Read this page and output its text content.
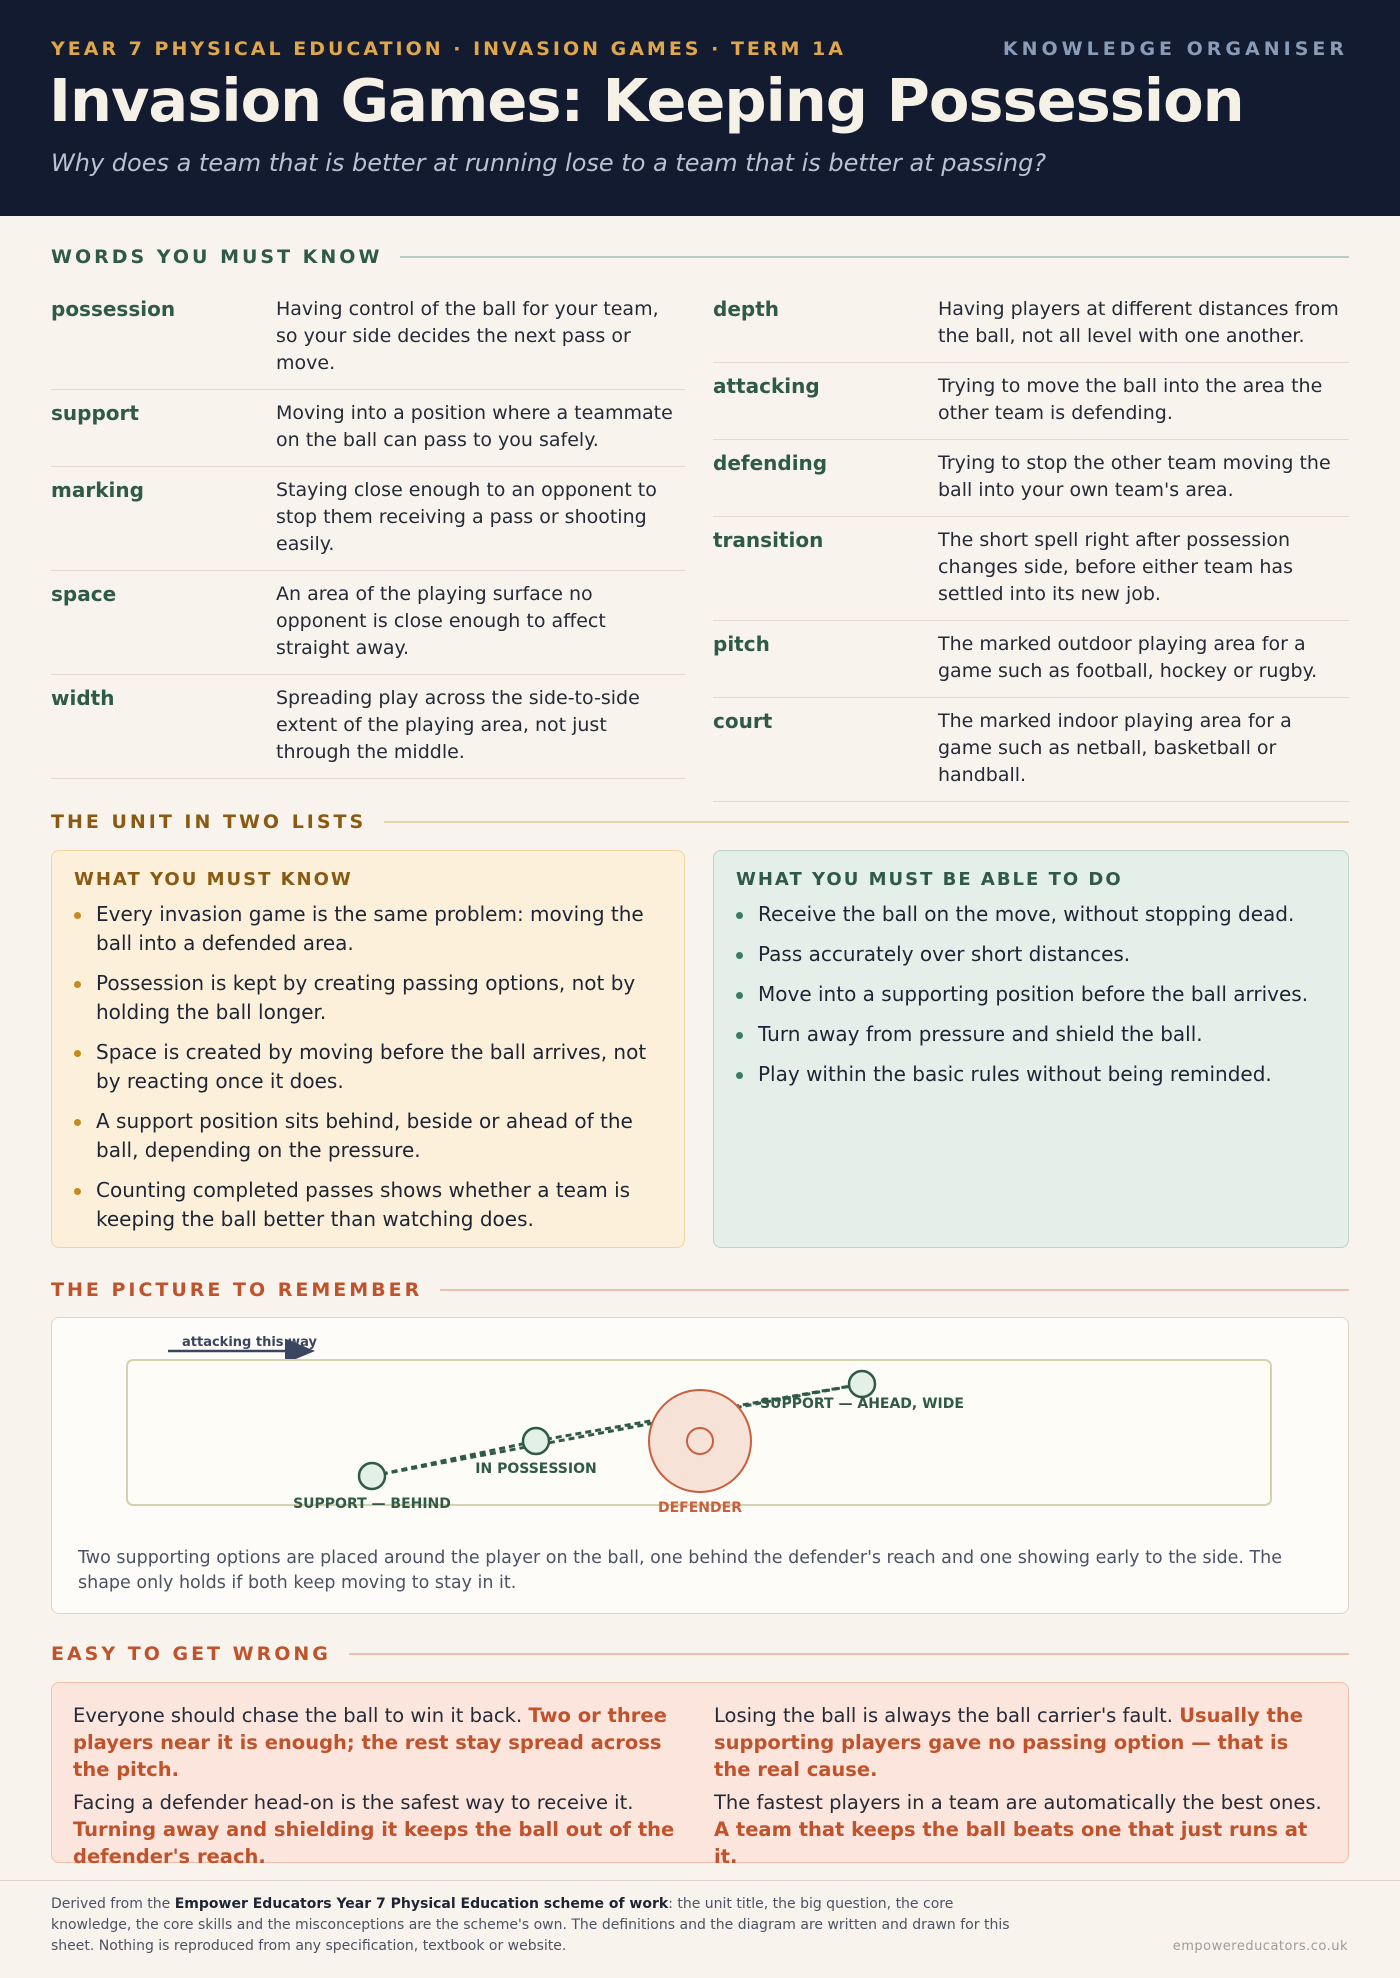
YEAR 7 PHYSICAL EDUCATION · INVASION GAMES · TERM 1A	KNOWLEDGE ORGANISER
Invasion Games: Keeping Possession
Why does a team that is better at running lose to a team that is better at passing?
WORDS YOU MUST KNOW
possession	Having control of the ball for your team, so your side decides the next pass or move.
support	Moving into a position where a teammate on the ball can pass to you safely.
marking	Staying close enough to an opponent to stop them receiving a pass or shooting easily.
space	An area of the playing surface no opponent is close enough to affect straight away.
width	Spreading play across the side-to-side extent of the playing area, not just through the middle.
depth	Having players at different distances from the ball, not all level with one another.
attacking	Trying to move the ball into the area the other team is defending.
defending	Trying to stop the other team moving the ball into your own team's area.
transition	The short spell right after possession changes side, before either team has settled into its new job.
pitch	The marked outdoor playing area for a game such as football, hockey or rugby.
court	The marked indoor playing area for a game such as netball, basketball or handball.
THE UNIT IN TWO LISTS
WHAT YOU MUST KNOW
Every invasion game is the same problem: moving the ball into a defended area.
Possession is kept by creating passing options, not by holding the ball longer.
Space is created by moving before the ball arrives, not by reacting once it does.
A support position sits behind, beside or ahead of the ball, depending on the pressure.
Counting completed passes shows whether a team is keeping the ball better than watching does.
WHAT YOU MUST BE ABLE TO DO
Receive the ball on the move, without stopping dead.
Pass accurately over short distances.
Move into a supporting position before the ball arrives.
Turn away from pressure and shield the ball.
Play within the basic rules without being reminded.
THE PICTURE TO REMEMBER
attacking this way
SUPPORT — BEHIND
IN POSSESSION
DEFENDER
SUPPORT — AHEAD, WIDE
Two supporting options are placed around the player on the ball, one behind the defender's reach and one showing early to the side. The shape only holds if both keep moving to stay in it.
EASY TO GET WRONG
Everyone should chase the ball to win it back. Two or three players near it is enough; the rest stay spread across the pitch.
Losing the ball is always the ball carrier's fault. Usually the supporting players gave no passing option — that is the real cause.
Facing a defender head-on is the safest way to receive it. Turning away and shielding it keeps the ball out of the defender's reach.
The fastest players in a team are automatically the best ones. A team that keeps the ball beats one that just runs at it.
Derived from the Empower Educators Year 7 Physical Education scheme of work: the unit title, the big question, the core knowledge, the core skills and the misconceptions are the scheme's own. The definitions and the diagram are written and drawn for this sheet. Nothing is reproduced from any specification, textbook or website.	empowereducators.co.uk
